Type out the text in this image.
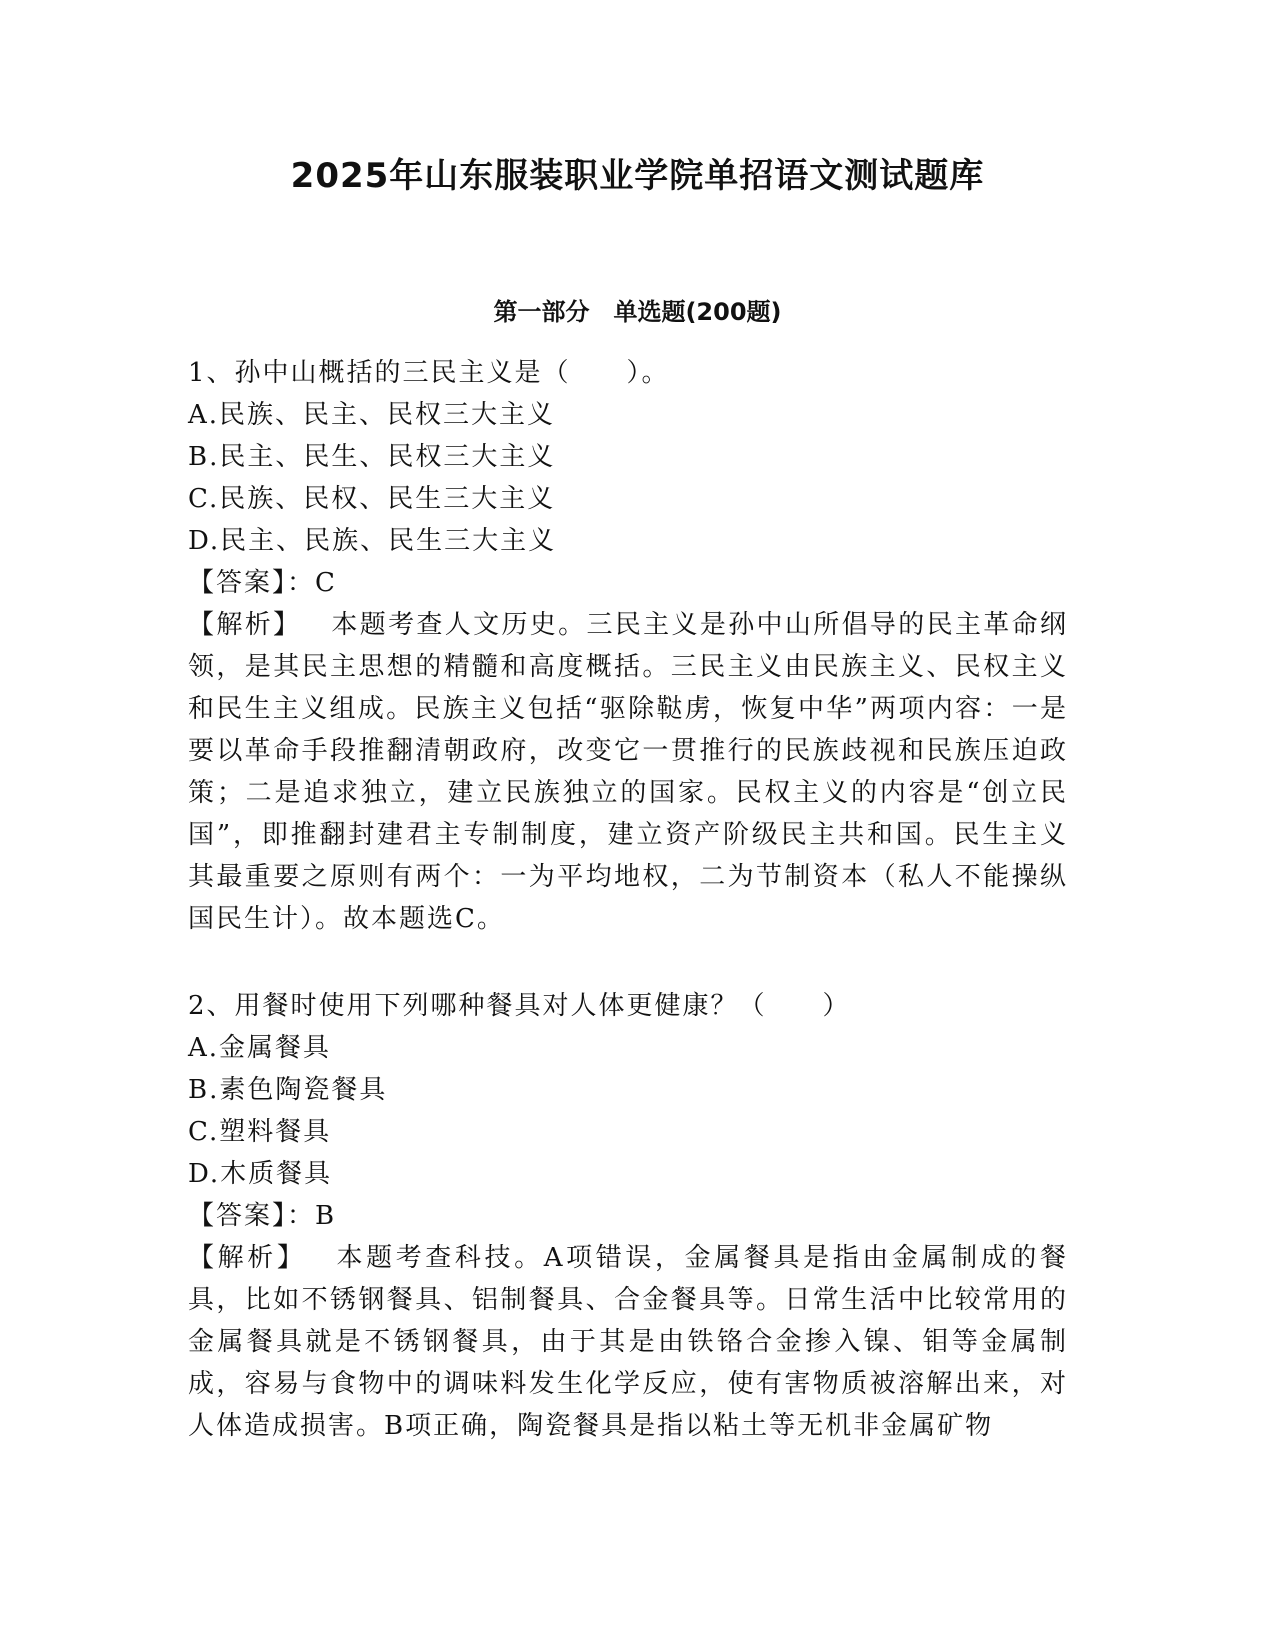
2025年山东服装职业学院单招语文测试题库
第一部分　单选题(200题)
1、孙中山概括的三民主义是（　　）。
A.民族、民主、民权三大主义
B.民主、民生、民权三大主义
C.民族、民权、民生三大主义
D.民主、民族、民生三大主义
【答案】：C

【解析】 本题考查人文历史。三民主义是孙中山所倡导的民主革命纲领，是其民主思想的精髓和高度概括。三民主义由民族主义、民权主义和民生主义组成。民族主义包括“驱除鞑虏，恢复中华”两项内容：一是要以革命手段推翻清朝政府，改变它一贯推行的民族歧视和民族压迫政策；二是追求独立，建立民族独立的国家。民权主义的内容是“创立民国”，即推翻封建君主专制制度，建立资产阶级民主共和国。民生主义其最重要之原则有两个：一为平均地权，二为节制资本（私人不能操纵国民生计）。故本题选C。

2、用餐时使用下列哪种餐具对人体更健康？（　　）
A.金属餐具
B.素色陶瓷餐具
C.塑料餐具
D.木质餐具
【答案】：B

【解析】 本题考查科技。A项错误，金属餐具是指由金属制成的餐具，比如不锈钢餐具、铝制餐具、合金餐具等。日常生活中比较常用的金属餐具就是不锈钢餐具，由于其是由铁铬合金掺入镍、钼等金属制成，容易与食物中的调味料发生化学反应，使有害物质被溶解出来，对人体造成损害。B项正确，陶瓷餐具是指以粘土等无机非金属矿物
